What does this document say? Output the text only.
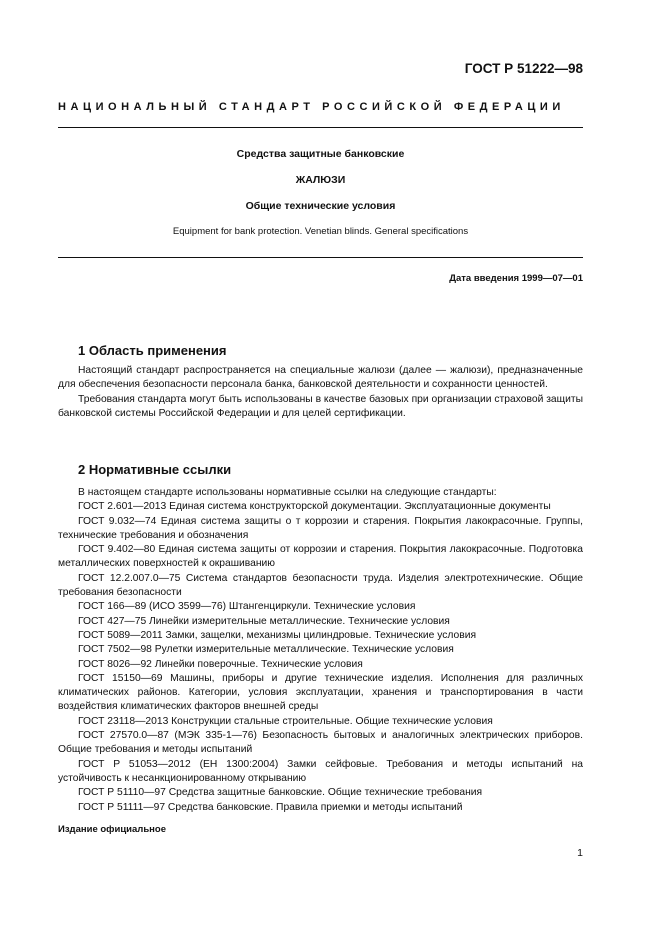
ГОСТ Р 51222—98
НАЦИОНАЛЬНЫЙ СТАНДАРТ РОССИЙСКОЙ ФЕДЕРАЦИИ
Средства защитные банковские
ЖАЛЮЗИ
Общие технические условия
Equipment for bank protection. Venetian blinds. General specifications
Дата введения 1999—07—01
1 Область применения

Настоящий стандарт распространяется на специальные жалюзи (далее — жалюзи), предназначенные для обеспечения безопасности персонала банка, банковской деятельности и сохранности ценностей.

Требования стандарта могут быть использованы в качестве базовых при организации страховой защиты банковской системы Российской Федерации и для целей сертификации.

2 Нормативные ссылки

В настоящем стандарте использованы нормативные ссылки на следующие стандарты:

ГОСТ 2.601—2013 Единая система конструкторской документации. Эксплуатационные документы

ГОСТ 9.032—74 Единая система защиты о т коррозии и старения. Покрытия лакокрасочные. Группы, технические требования и обозначения

ГОСТ 9.402—80 Единая система защиты от коррозии и старения. Покрытия лакокрасочные. Подготовка металлических поверхностей к окрашиванию

ГОСТ 12.2.007.0—75 Система стандартов безопасности труда. Изделия электротехнические. Общие требования безопасности

ГОСТ 166—89 (ИСО 3599—76) Штангенциркули. Технические условия

ГОСТ 427—75 Линейки измерительные металлические. Технические условия

ГОСТ 5089—2011 Замки, защелки, механизмы цилиндровые. Технические условия

ГОСТ 7502—98 Рулетки измерительные металлические. Технические условия

ГОСТ 8026—92 Линейки поверочные. Технические условия

ГОСТ 15150—69 Машины, приборы и другие технические изделия. Исполнения для различных климатических районов. Категории, условия эксплуатации, хранения и транспортирования в части воздействия климатических факторов внешней среды

ГОСТ 23118—2013 Конструкции стальные строительные. Общие технические условия

ГОСТ 27570.0—87 (МЭК 335-1—76) Безопасность бытовых и аналогичных электрических приборов. Общие требования и методы испытаний

ГОСТ Р 51053—2012 (ЕН 1300:2004) Замки сейфовые. Требования и методы испытаний на устойчивость к несанкционированному открыванию

ГОСТ Р 51110—97 Средства защитные банковские. Общие технические требования

ГОСТ Р 51111—97 Средства банковские. Правила приемки и методы испытаний

Издание официальное
1
